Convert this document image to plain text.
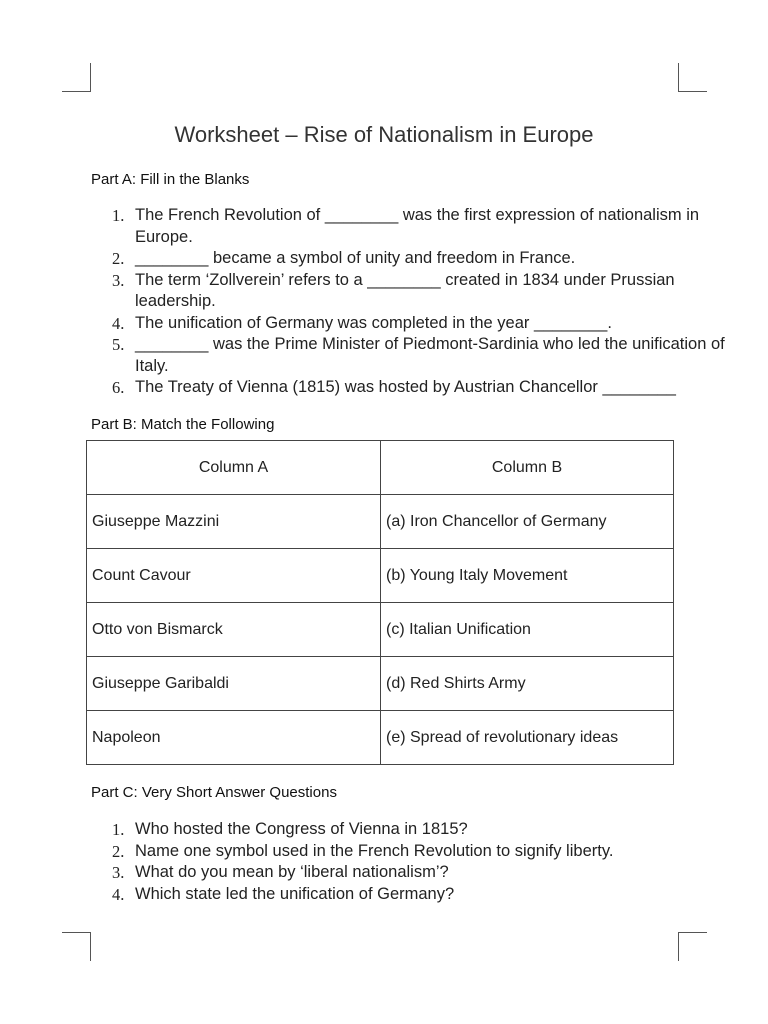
Worksheet – Rise of Nationalism in Europe
Part A: Fill in the Blanks
1. The French Revolution of ________ was the first expression of nationalism in Europe.
2. ________ became a symbol of unity and freedom in France.
3. The term ‘Zollverein’ refers to a ________ created in 1834 under Prussian leadership.
4. The unification of Germany was completed in the year ________.
5. ________ was the Prime Minister of Piedmont-Sardinia who led the unification of Italy.
6. The Treaty of Vienna (1815) was hosted by Austrian Chancellor ________
Part B: Match the Following
Column A	Column B
Giuseppe Mazzini	(a) Iron Chancellor of Germany
Count Cavour	(b) Young Italy Movement
Otto von Bismarck	(c) Italian Unification
Giuseppe Garibaldi	(d) Red Shirts Army
Napoleon	(e) Spread of revolutionary ideas
Part C: Very Short Answer Questions
1. Who hosted the Congress of Vienna in 1815?
2. Name one symbol used in the French Revolution to signify liberty.
3. What do you mean by ‘liberal nationalism’?
4. Which state led the unification of Germany?
